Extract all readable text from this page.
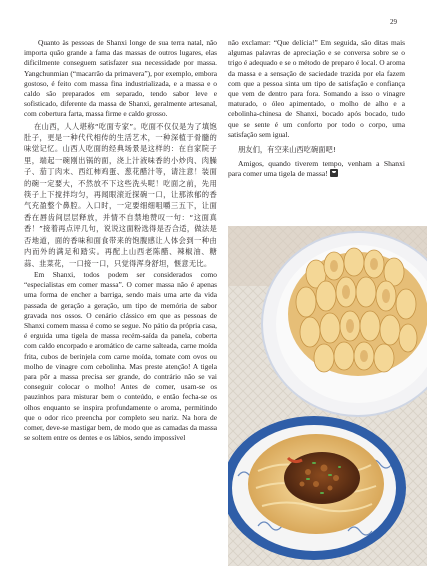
29

Quanto às pessoas de Shanxi longe de sua terra natal, não importa quão grande a fama das massas de outros lugares, elas dificilmente conseguem satisfazer sua necessidade por massa. Yangchunmian (“macarrão da primavera”), por exemplo, embora gostoso, é feito com massa fina industrializada, e a massa e o caldo são preparados em separado, tendo sabor leve e sofisticado, diferente da massa de Shanxi, geralmente artesanal, com cobertura farta, massa firme e caldo grosso.

在山西，人人堪称“吃面专家”。吃面不仅仅是为了填饱肚子，更是一种代代相传的生活艺术，一种深植于骨髓的味觉记忆。山西人吃面的经典场景是这样的：在自家院子里，端起一碗刚出锅的面，浇上汁液味香的小炒肉、肉臊子、茄丁肉末、西红柿鸡蛋、葱花醋汁等，请注意！装面的碗一定要大，不然放不下这些洗头呢！吃面之前，先用筷子上下搅拌均匀，再闻眼滚近探碗一口，让那浓郁的香气充盈整个鼻腔。入口时，一定要细细咀嚼三五下，让面香在唇齿间层层释放，并情不自禁地赞叹一句：“这面真香！”接着再点评几句，说说这面粉选得是否合适，做法是否地道，面的香味和面食带来的饱腹感让人体会到一种由内而外的满足和踏实。再配上山西老陈醋、辣椒油、糖蒜、韭菜花，一口接一口，只觉得浑身舒坦，惬意无比。

Em Shanxi, todos podem ser considerados como “especialistas em comer massa”. O comer massa não é apenas uma forma de encher a barriga, sendo mais uma arte da vida passada de geração a geração, um tipo de memória de sabor gravada nos ossos. O cenário clássico em que as pessoas de Shanxi comem massa é como se segue. No pátio da própria casa, é erguida uma tigela de massa recém-saída da panela, coberta com caldo encorpado e aromático de carne salteada, carne moída frita, cubos de berinjela com carne moída, tomate com ovos ou molho de vinagre com cebolinha. Mas preste atenção! A tigela para pôr a massa precisa ser grande, do contrário não se vai conseguir colocar o molho! Antes de comer, usam-se os pauzinhos para misturar bem o conteúdo, e então fecha-se os olhos enquanto se inspira profundamente o aroma, permitindo que o odor rico preencha por completo seu nariz. Na hora de comer, deve-se mastigar bem, de modo que as camadas da massa se soltem entre os dentes e os lábios, sendo impossível

não exclamar: “Que delícia!” Em seguida, são ditas mais algumas palavras de apreciação e se conversa sobre se o trigo é adequado e se o método de preparo é local. O aroma da massa e a sensação de saciedade trazida por ela fazem com que a pessoa sinta um tipo de satisfação e confiança que vem de dentro para fora. Somando a isso o vinagre maturado, o óleo apimentado, o molho de alho e a cebolinha-chinesa de Shanxi, bocado após bocado, tudo que se sente é um conforto por todo o corpo, uma satisfação sem igual.

朋友们，有空来山西吃碗面吧!

Amigos, quando tiverem tempo, venham a Shanxi para comer uma tigela de massa!
